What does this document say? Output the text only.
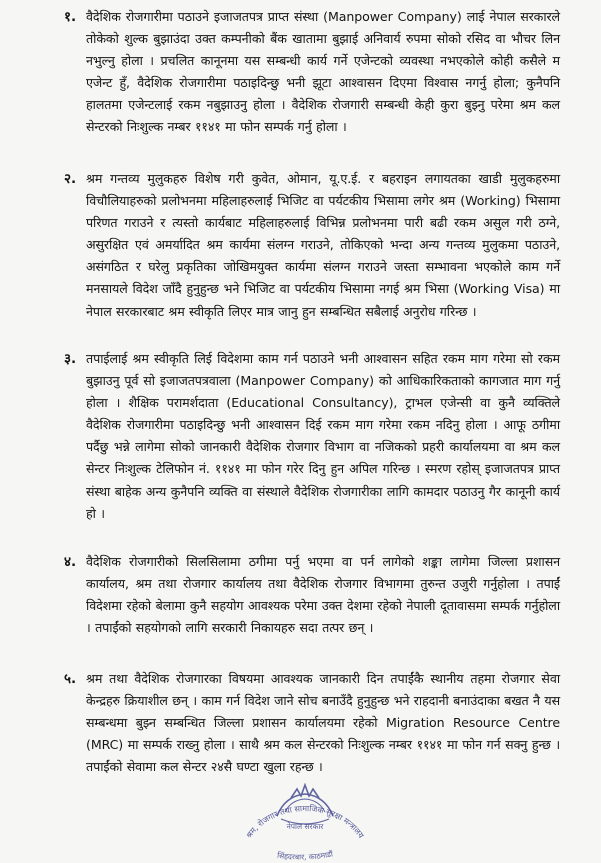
१. वैदेशिक रोजगारीमा पठाउने इजाजतपत्र प्राप्त संस्था (Manpower Company) लाई नेपाल सरकारले तोकेको शुल्क बुझाउंदा उक्त कम्पनीको बैंक खातामा बुझाई अनिवार्य रुपमा सोको रसिद वा भौचर लिन नभुल्नु होला । प्रचलित कानूनमा यस सम्बन्धी कार्य गर्ने एजेन्टको व्यवस्था नभएकोले कोही कसैले म एजेन्ट हुँ, वैदेशिक रोजगारीमा पठाइदिन्छु भनी झूटा आश्वासन दिएमा विश्वास नगर्नु होला; कुनैपनि हालतमा एजेन्टलाई रकम नबुझाउनु होला । वैदेशिक रोजगारी सम्बन्धी केही कुरा बुझ्नु परेमा श्रम कल सेन्टरको निःशुल्क नम्बर ११४१ मा फोन सम्पर्क गर्नु होला ।

२. श्रम गन्तव्य मुलुकहरु विशेष गरी कुवेत, ओमान, यू.ए.ई. र बहराइन लगायतका खाडी मुलुकहरुमा विचौलियाहरुको प्रलोभनमा महिलाहरुलाई भिजिट वा पर्यटकीय भिसामा लगेर श्रम (Working) भिसामा परिणत गराउने र त्यस्तो कार्यबाट महिलाहरुलाई विभिन्न प्रलोभनमा पारी बढी रकम असुल गरी ठग्ने, असुरक्षित एवं अमर्यादित श्रम कार्यमा संलग्न गराउने, तोकिएको भन्दा अन्य गन्तव्य मुलुकमा पठाउने, असंगठित र घरेलु प्रकृतिका जोखिमयुक्त कार्यमा संलग्न गराउने जस्ता सम्भावना भएकोले काम गर्ने मनसायले विदेश जाँदै हुनुहुन्छ भने भिजिट वा पर्यटकीय भिसामा नगई श्रम भिसा (Working Visa) मा नेपाल सरकारबाट श्रम स्वीकृति लिएर मात्र जानु हुन सम्बन्धित सबैलाई अनुरोध गरिन्छ ।

३. तपाईलाई श्रम स्वीकृति लिई विदेशमा काम गर्न पठाउने भनी आश्वासन सहित रकम माग गरेमा सो रकम बुझाउनु पूर्व सो इजाजतपत्रवाला (Manpower Company) को आधिकारिकताको कागजात माग गर्नु होला । शैक्षिक परामर्शदाता (Educational Consultancy), ट्राभल एजेन्सी वा कुनै व्यक्तिले वैदेशिक रोजगारीमा पठाइदिन्छु भनी आश्वासन दिई रकम माग गरेमा रकम नदिनु होला । आफू ठगीमा पर्दैछु भन्ने लागेमा सोको जानकारी वैदेशिक रोजगार विभाग वा नजिकको प्रहरी कार्यालयमा वा श्रम कल सेन्टर निःशुल्क टेलिफोन नं. ११४१ मा फोन गरेर दिनु हुन अपिल गरिन्छ । स्मरण रहोस् इजाजतपत्र प्राप्त संस्था बाहेक अन्य कुनैपनि व्यक्ति वा संस्थाले वैदेशिक रोजगारीका लागि कामदार पठाउनु गैर कानूनी कार्य हो ।

४. वैदेशिक रोजगारीको सिलसिलामा ठगीमा पर्नु भएमा वा पर्न लागेको शङ्का लागेमा जिल्ला प्रशासन कार्यालय, श्रम तथा रोजगार कार्यालय तथा वैदेशिक रोजगार विभागमा तुरुन्त उजुरी गर्नुहोला । तपाईं विदेशमा रहेको बेलामा कुनै सहयोग आवश्यक परेमा उक्त देशमा रहेको नेपाली दूतावासमा सम्पर्क गर्नुहोला । तपाईंको सहयोगको लागि सरकारी निकायहरु सदा तत्पर छन् ।

५. श्रम तथा वैदेशिक रोजगारका विषयमा आवश्यक जानकारी दिन तपाईंकै स्थानीय तहमा रोजगार सेवा केन्द्रहरु क्रियाशील छन् । काम गर्न विदेश जाने सोच बनाउँदै हुनुहुन्छ भने राहदानी बनाउंदाका बखत नै यस सम्बन्धमा बुझ्न सम्बन्धित जिल्ला प्रशासन कार्यालयमा रहेको Migration Resource Centre (MRC) मा सम्पर्क राख्नु होला । साथै श्रम कल सेन्टरको निःशुल्क नम्बर ११४१ मा फोन गर्न सक्नु हुन्छ । तपाईंको सेवामा कल सेन्टर २४सै घण्टा खुला रहन्छ ।

श्रम, रोजगार तथा सामाजिक सुरक्षा मन्त्रालय
नेपाल सरकार
सिंहदरबार, काठमाडौं
